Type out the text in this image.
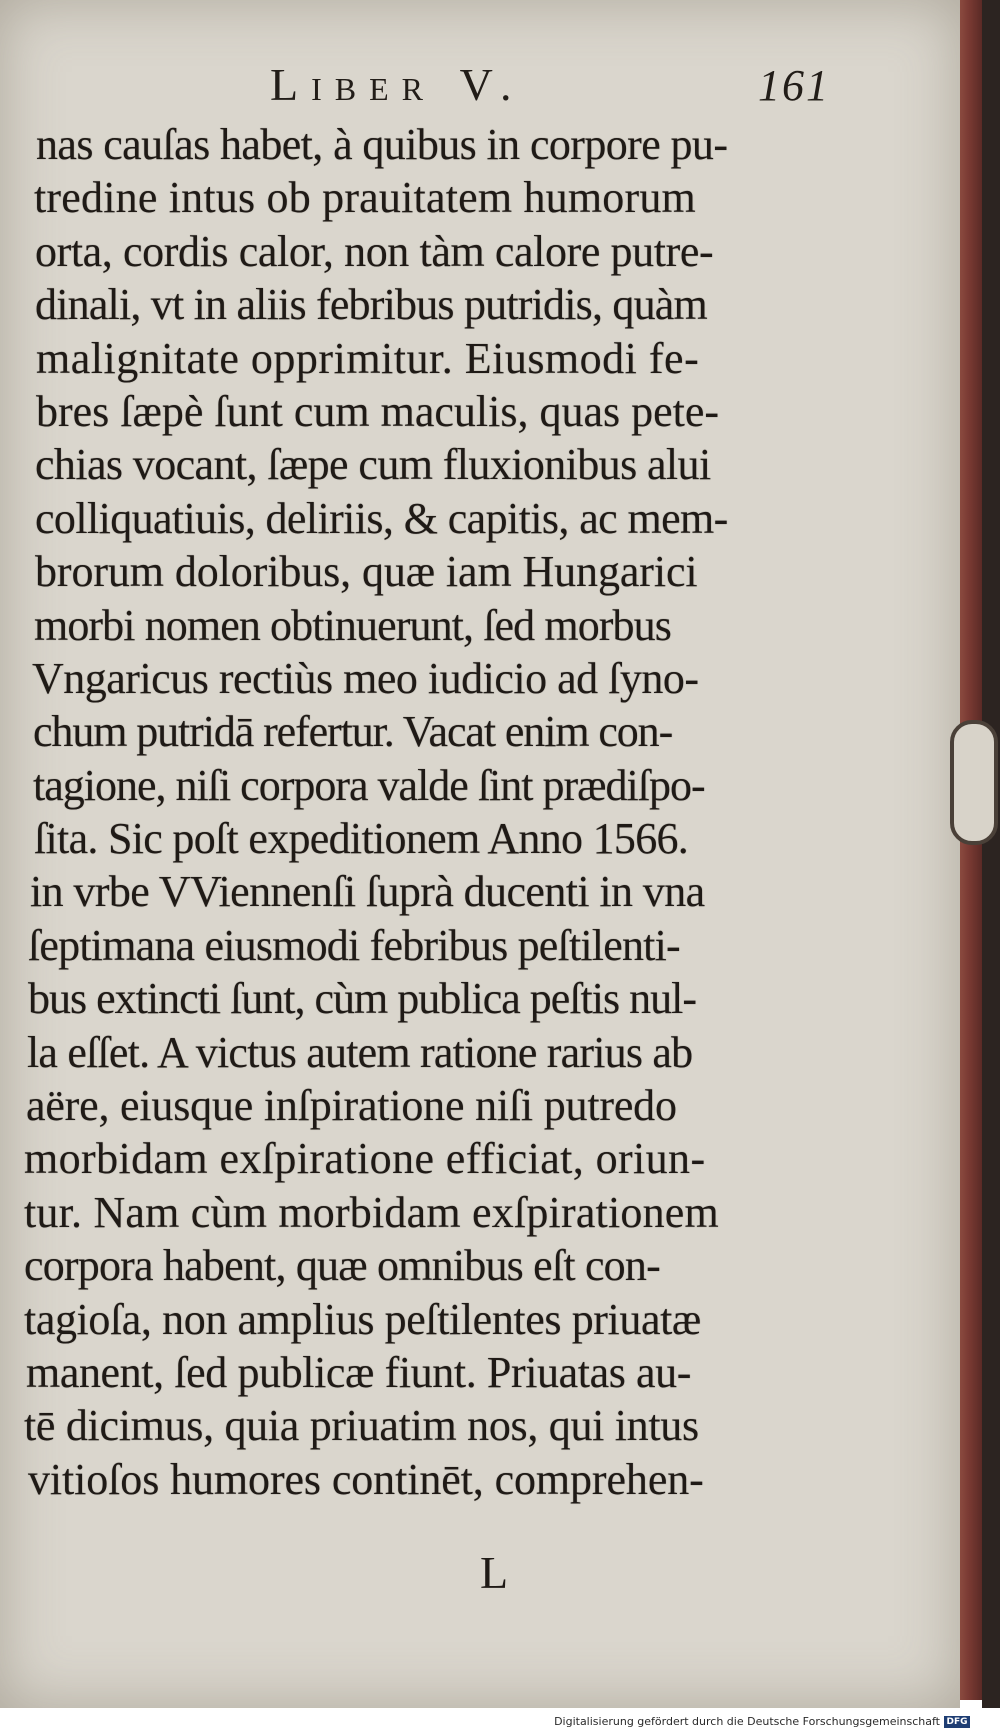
Liber V.	161
nas cauſas habet, à quibus in corpore pu-
tredine intus ob prauitatem humorum
orta, cordis calor, non tàm calore putre-
dinali, vt in aliis febribus putridis, quàm
malignitate opprimitur. Eiusmodi fe-
bres ſæpè ſunt cum maculis, quas pete-
chias vocant, ſæpe cum fluxionibus alui
colliquatiuis, deliriis, & capitis, ac mem-
brorum doloribus, quæ iam Hungarici
morbi nomen obtinuerunt, ſed morbus
Vngaricus rectiùs meo iudicio ad ſyno-
chum putridā refertur. Vacat enim con-
tagione, niſi corpora valde ſint prædiſpo-
ſita. Sic poſt expeditionem Anno 1566.
in vrbe VViennenſi ſuprà ducenti in vna
ſeptimana eiusmodi febribus peſtilenti-
bus extincti ſunt, cùm publica peſtis nul-
la eſſet. A victus autem ratione rarius ab
aëre, eiusque inſpiratione niſi putredo
morbidam exſpiratione efficiat, oriun-
tur. Nam cùm morbidam exſpirationem
corpora habent, quæ omnibus eſt con-
tagioſa, non amplius peſtilentes priuatæ
manent, ſed publicæ fiunt. Priuatas au-
tē dicimus, quia priuatim nos, qui intus
vitioſos humores continēt, comprehen-
L
Digitalisierung gefördert durch die Deutsche Forschungsgemeinschaft DFG
